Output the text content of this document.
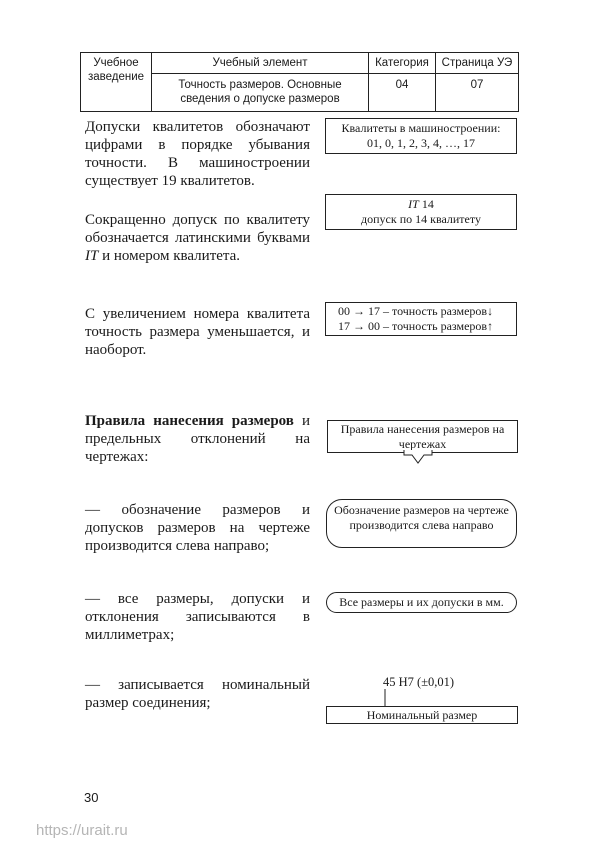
Учебное заведение	Учебный элемент	Категория	Страница УЭ
	Точность размеров. Основные сведения о допуске размеров	04	07
Допуски квалитетов обозначают цифрами в порядке убывания точности. В машиностроении существует 19 квалитетов.
Квалитеты в машиностроении:
01, 0, 1, 2, 3, 4, …, 17
Сокращенно допуск по квалитету обозначается латинскими буквами IT и номером квалитета.
IT 14
допуск по 14 квалитету
С увеличением номера квалитета точность размера уменьшается, и наоборот.
00 → 17 – точность размеров↓
17 → 00 – точность размеров↑
Правила нанесения размеров и предельных отклонений на чертежах:
Правила нанесения размеров на чертежах
— обозначение размеров и допусков размеров на чертеже производится слева направо;
Обозначение размеров на чертеже производится слева направо
— все размеры, допуски и отклонения записываются в миллиметрах;
Все размеры и их допуски в мм.
— записывается номинальный размер соединения;
45 H7 (±0,01)
Номинальный размер
30
https://urait.ru
